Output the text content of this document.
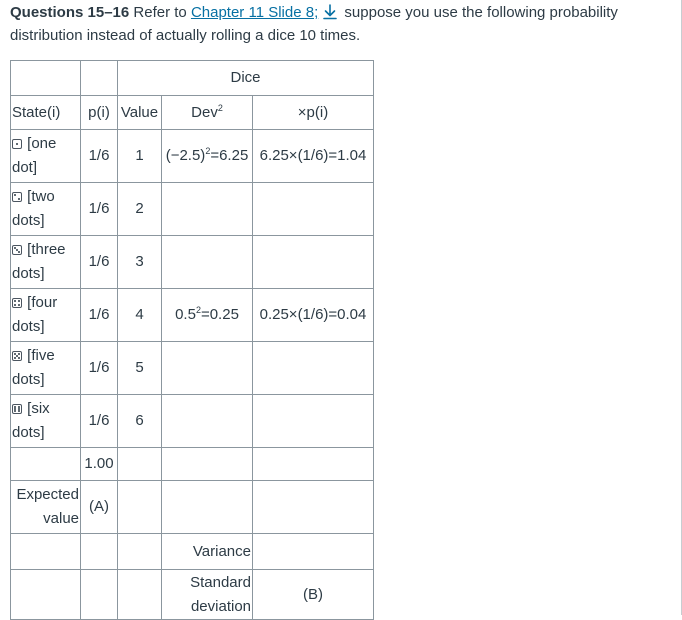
Questions 15–16 Refer to Chapter 11 Slide 8; suppose you use the following probability distribution instead of actually rolling a dice 10 times.
		Dice		
State(i)	p(i)	Value	Dev$^2$	×p(i)

[one dot]	1/6	1	$(-2.5)^2=6.25$	6.25×(1/6)=1.04

[two dots]	1/6	2		

[three dots]	1/6	3		

[four dots]	1/6	4	$0.5^2=0.25$	0.25×(1/6)=0.04

[five dots]	1/6	5		

[six dots]	1/6	6		
	1.00			
Expected value	(A)			
			Variance	
			Standard deviation	(B)
